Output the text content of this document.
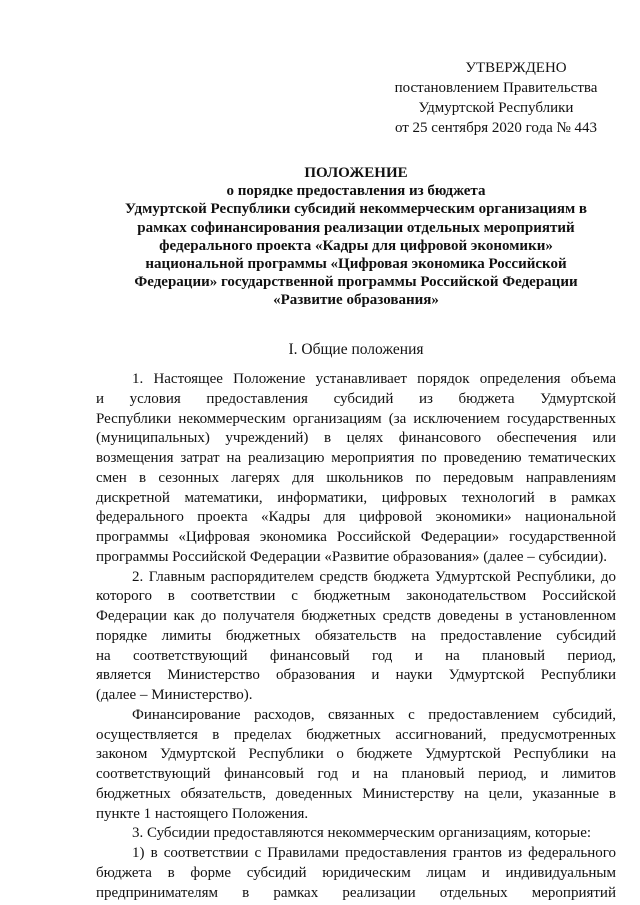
УТВЕРЖДЕНО
постановлением Правительства
Удмуртской Республики
от 25 сентября 2020 года № 443
ПОЛОЖЕНИЕ
о порядке предоставления из бюджета
Удмуртской Республики субсидий некоммерческим организациям в
рамках софинансирования реализации отдельных мероприятий
федерального проекта «Кадры для цифровой экономики»
национальной программы «Цифровая экономика Российской
Федерации» государственной программы Российской Федерации
«Развитие образования»
I. Общие положения
1. Настоящее Положение устанавливает порядок определения объема
и условия предоставления субсидий из бюджета Удмуртской
Республики некоммерческим организациям (за исключением государственных
(муниципальных) учреждений) в целях финансового обеспечения или
возмещения затрат на реализацию мероприятия по проведению тематических
смен в сезонных лагерях для школьников по передовым направлениям
дискретной математики, информатики, цифровых технологий в рамках
федерального проекта «Кадры для цифровой экономики» национальной
программы «Цифровая экономика Российской Федерации» государственной
программы Российской Федерации «Развитие образования» (далее – субсидии).
2. Главным распорядителем средств бюджета Удмуртской Республики, до
которого в соответствии с бюджетным законодательством Российской
Федерации как до получателя бюджетных средств доведены в установленном
порядке лимиты бюджетных обязательств на предоставление субсидий
на соответствующий финансовый год и на плановый период,
является Министерство образования и науки Удмуртской Республики
(далее – Министерство).
Финансирование расходов, связанных с предоставлением субсидий,
осуществляется в пределах бюджетных ассигнований, предусмотренных
законом Удмуртской Республики о бюджете Удмуртской Республики на
соответствующий финансовый год и на плановый период, и лимитов
бюджетных обязательств, доведенных Министерству на цели, указанные в
пункте 1 настоящего Положения.
3. Субсидии предоставляются некоммерческим организациям, которые:
1) в соответствии с Правилами предоставления грантов из федерального
бюджета в форме субсидий юридическим лицам и индивидуальным
предпринимателям в рамках реализации отдельных мероприятий
